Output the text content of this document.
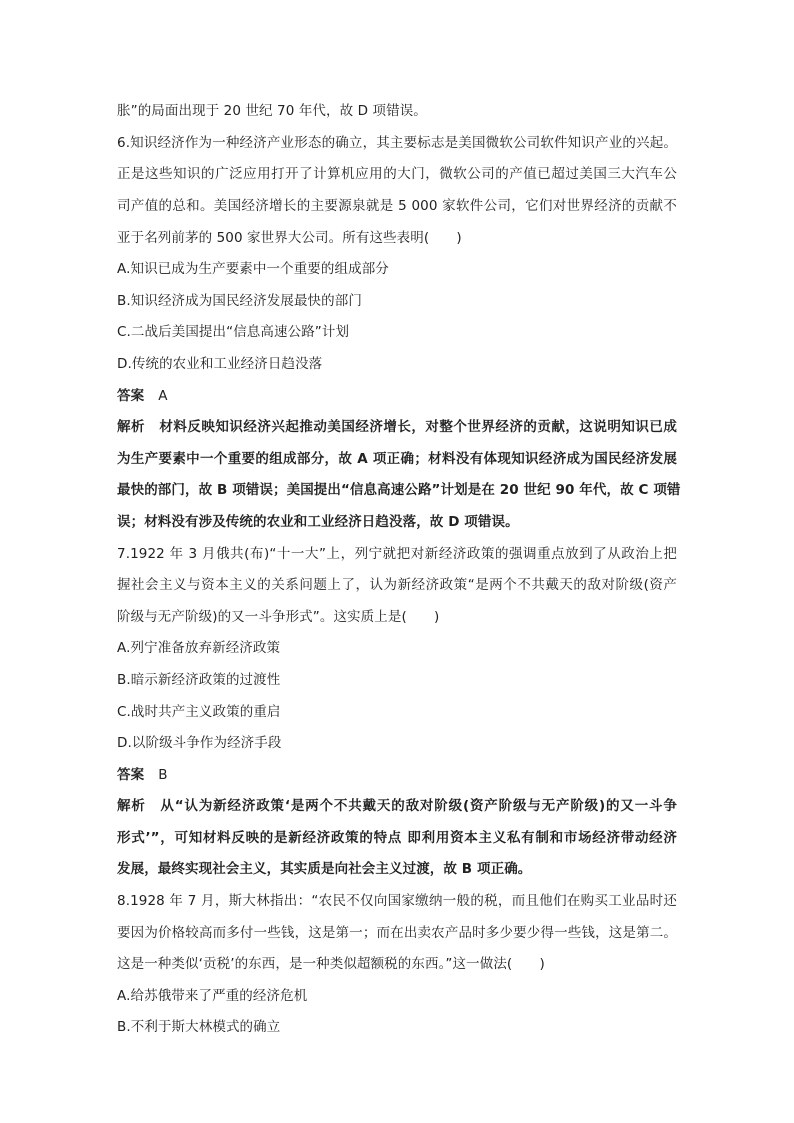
胀”的局面出现于 20 世纪 70 年代，故 D 项错误。
6.知识经济作为一种经济产业形态的确立，其主要标志是美国微软公司软件知识产业的兴起。
正是这些知识的广泛应用打开了计算机应用的大门，微软公司的产值已超过美国三大汽车公
司产值的总和。美国经济增长的主要源泉就是 5 000 家软件公司，它们对世界经济的贡献不
亚于名列前茅的 500 家世界大公司。所有这些表明(　　)
A.知识已成为生产要素中一个重要的组成部分
B.知识经济成为国民经济发展最快的部门
C.二战后美国提出“信息高速公路”计划
D.传统的农业和工业经济日趋没落
答案 A
解析 材料反映知识经济兴起推动美国经济增长，对整个世界经济的贡献，这说明知识已成
为生产要素中一个重要的组成部分，故 A 项正确；材料没有体现知识经济成为国民经济发展
最快的部门，故 B 项错误；美国提出“信息高速公路”计划是在 20 世纪 90 年代，故 C 项错
误；材料没有涉及传统的农业和工业经济日趋没落，故 D 项错误。
7.1922 年 3 月俄共(布)“十一大”上，列宁就把对新经济政策的强调重点放到了从政治上把
握社会主义与资本主义的关系问题上了，认为新经济政策“是两个不共戴天的敌对阶级(资产
阶级与无产阶级)的又一斗争形式”。这实质上是(　　)
A.列宁准备放弃新经济政策
B.暗示新经济政策的过渡性
C.战时共产主义政策的重启
D.以阶级斗争作为经济手段
答案 B
解析 从“认为新经济政策‘是两个不共戴天的敌对阶级(资产阶级与无产阶级)的又一斗争
形式’”，可知材料反映的是新经济政策的特点 即利用资本主义私有制和市场经济带动经济
发展，最终实现社会主义，其实质是向社会主义过渡，故 B 项正确。
8.1928 年 7 月，斯大林指出：“农民不仅向国家缴纳一般的税，而且他们在购买工业品时还
要因为价格较高而多付一些钱，这是第一；而在出卖农产品时多少要少得一些钱，这是第二。
这是一种类似‘贡税’的东西，是一种类似超额税的东西。”这一做法(　　)
A.给苏俄带来了严重的经济危机
B.不利于斯大林模式的确立
